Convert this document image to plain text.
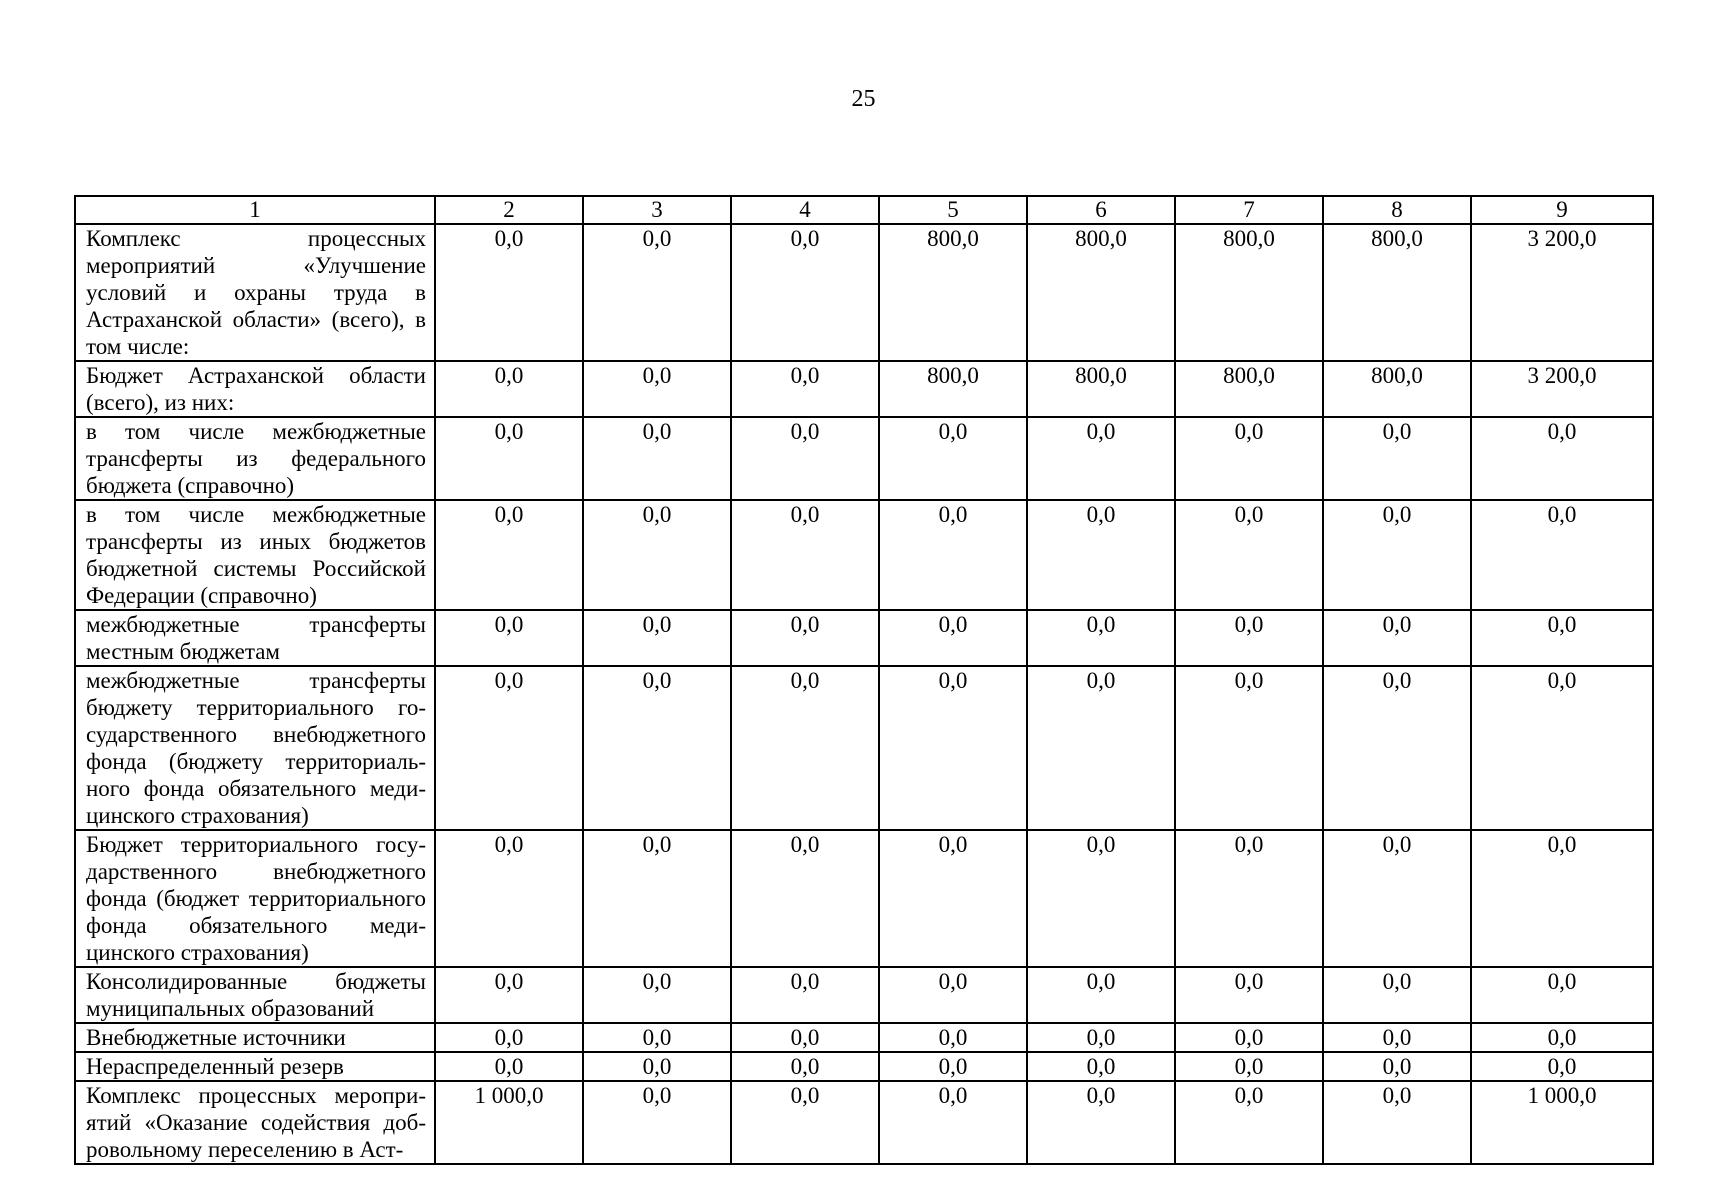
25
1	2	3	4	5	6	7	8	9
Комплекс процессных мероприятий «Улучшение условий и охраны труда в Астраханской области» (всего), в том числе:	0,0	0,0	0,0	800,0	800,0	800,0	800,0	3 200,0
Бюджет Астраханской области (всего), из них:	0,0	0,0	0,0	800,0	800,0	800,0	800,0	3 200,0
в том числе межбюджетные трансферты из федерального бюджета (справочно)	0,0	0,0	0,0	0,0	0,0	0,0	0,0	0,0
в том числе межбюджетные трансферты из иных бюджетов бюджетной системы Российской Федерации (справочно)	0,0	0,0	0,0	0,0	0,0	0,0	0,0	0,0
межбюджетные трансферты местным бюджетам	0,0	0,0	0,0	0,0	0,0	0,0	0,0	0,0
межбюджетные трансферты бюджету территориального государственного внебюджетного фонда (бюджету территориального фонда обязательного медицинского страхования)	0,0	0,0	0,0	0,0	0,0	0,0	0,0	0,0
Бюджет территориального государственного внебюджетного фонда (бюджет территориального фонда обязательного медицинского страхования)	0,0	0,0	0,0	0,0	0,0	0,0	0,0	0,0
Консолидированные бюджеты муниципальных образований	0,0	0,0	0,0	0,0	0,0	0,0	0,0	0,0
Внебюджетные источники	0,0	0,0	0,0	0,0	0,0	0,0	0,0	0,0
Нераспределенный резерв	0,0	0,0	0,0	0,0	0,0	0,0	0,0	0,0
Комплекс процессных мероприятий «Оказание содействия добровольному переселению в Аст-	1 000,0	0,0	0,0	0,0	0,0	0,0	0,0	1 000,0
